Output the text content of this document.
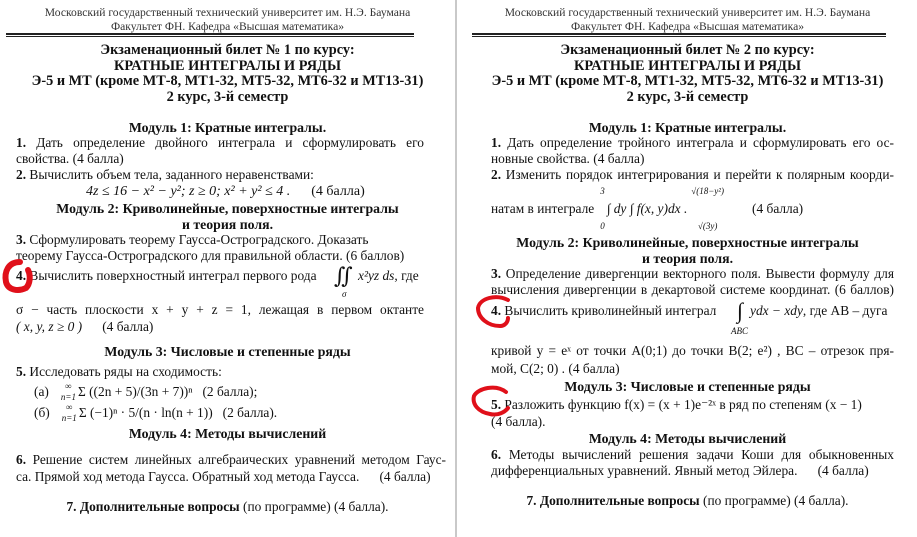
Московский государственный технический университет им. Н.Э. Баумана
Факультет ФН. Кафедра «Высшая математика»
Экзаменационный билет № 1 по курсу:
КРАТНЫЕ ИНТЕГРАЛЫ И РЯДЫ
Э-5 и МТ (кроме МТ-8, МТ1-32, МТ5-32, МТ6-32 и МТ13-31)
2 курс, 3-й семестр
Модуль 1: Кратные интегралы.
1. Дать определение двойного интеграла и сформулировать его
свойства. (4 балла)
2. Вычислить объем тела, заданного неравенствами:
4z ≤ 16 − x² − y²; z ≥ 0; x² + y² ≤ 4 . (4 балла)
Модуль 2: Криволинейные, поверхностные интегралы
и теория поля.
3. Сформулировать теорему Гаусса-Остроградского. Доказать
теорему Гаусса-Остроградского для правильной области. (6 баллов)
4. Вычислить поверхностный интеграл первого рода ∬ x²yz ds, где
σ
σ − часть плоскости x + y + z = 1, лежащая в первом октанте
( x, y, z ≥ 0 ) (4 балла)
Модуль 3: Числовые и степенные ряды
5. Исследовать ряды на сходимость:
(a) ∞
n=1 Σ ((2n + 5)/(3n + 7))ⁿ (2 балла);
(б) ∞
n=1 Σ (−1)ⁿ · 5/(n · ln(n + 1)) (2 балла).
Модуль 4: Методы вычислений
6. Решение систем линейных алгебраических уравнений методом Гаус-
са. Прямой ход метода Гаусса. Обратный ход метода Гаусса. (4 балла)
7. Дополнительные вопросы (по программе) (4 балла).
Московский государственный технический университет им. Н.Э. Баумана
Факультет ФН. Кафедра «Высшая математика»
Экзаменационный билет № 2 по курсу:
КРАТНЫЕ ИНТЕГРАЛЫ И РЯДЫ
Э-5 и МТ (кроме МТ-8, МТ1-32, МТ5-32, МТ6-32 и МТ13-31)
2 курс, 3-й семестр
Модуль 1: Кратные интегралы.
1. Дать определение тройного интеграла и сформулировать его ос-
новные свойства. (4 балла)
2. Изменить порядок интегрирования и перейти к полярным коорди-
натам в интеграле
3
0
∫ dy ∫ f(x, y)dx .
√(18−y²)
√(3y)
(4 балла)
Модуль 2: Криволинейные, поверхностные интегралы
и теория поля.
3. Определение дивергенции векторного поля. Вывести формулу для
вычисления дивергенции в декартовой системе координат. (6 баллов)
4. Вычислить криволинейный интеграл ∫ ydx − xdy, где AB – дуга
ABC
кривой y = eˣ от точки A(0;1) до точки B(2; e²) , BC – отрезок пря-
мой, C(2; 0) . (4 балла)
Модуль 3: Числовые и степенные ряды
5. Разложить функцию f(x) = (x + 1)e⁻²ˣ в ряд по степеням (x − 1)
(4 балла).
Модуль 4: Методы вычислений
6. Методы вычислений решения задачи Коши для обыкновенных
дифференциальных уравнений. Явный метод Эйлера. (4 балла)
7. Дополнительные вопросы (по программе) (4 балла).
